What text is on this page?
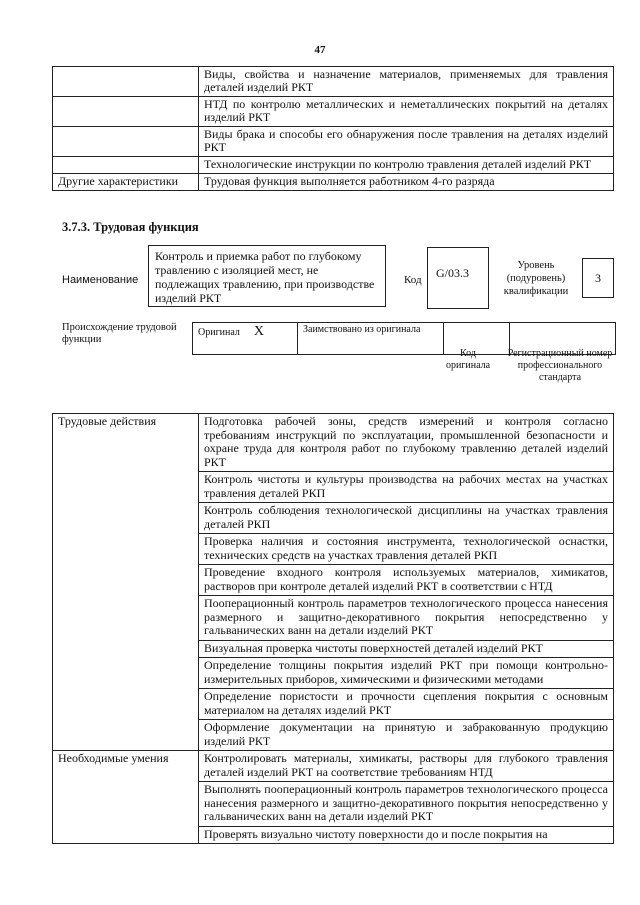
47
	Виды, свойства и назначение материалов, применяемых для травления деталей изделий РКТ
	НТД по контролю металлических и неметаллических покрытий на деталях изделий РКТ
	Виды брака и способы его обнаружения после травления на деталях изделий РКТ
	Технологические инструкции по контролю травления деталей изделий РКТ
Другие характеристики	Трудовая функция выполняется работником 4-го разряда
3.7.3. Трудовая функция
Наименование
Контроль и приемка работ по глубокому травлению с изоляцией мест, не подлежащих травлению, при производстве изделий РКТ
Код	G/03.3
Уровень (подуровень) квалификации
3
Происхождение трудовой функции
Оригинал X	Заимствовано из оригинала		
Код оригинала
Регистрационный номер профессионального стандарта
Трудовые действия	Подготовка рабочей зоны, средств измерений и контроля согласно требованиям инструкций по эксплуатации, промышленной безопасности и охране труда для контроля работ по глубокому травлению деталей изделий РКТ
	Контроль чистоты и культуры производства на рабочих местах на участках травления деталей РКП
	Контроль соблюдения технологической дисциплины на участках травления деталей РКП
	Проверка наличия и состояния инструмента, технологической оснастки, технических средств на участках травления деталей РКП
	Проведение входного контроля используемых материалов, химикатов, растворов при контроле деталей изделий РКТ в соответствии с НТД
	Пооперационный контроль параметров технологического процесса нанесения размерного и защитно-декоративного покрытия непосредственно у гальванических ванн на детали изделий РКТ
	Визуальная проверка чистоты поверхностей деталей изделий РКТ
	Определение толщины покрытия изделий РКТ при помощи контрольно-измерительных приборов, химическими и физическими методами
	Определение пористости и прочности сцепления покрытия с основным материалом на деталях изделий РКТ
	Оформление документации на принятую и забракованную продукцию изделий РКТ
Необходимые умения	Контролировать материалы, химикаты, растворы для глубокого травления деталей изделий РКТ на соответствие требованиям НТД
	Выполнять пооперационный контроль параметров технологического процесса нанесения размерного и защитно-декоративного покрытия непосредственно у гальванических ванн на детали изделий РКТ
	Проверять визуально чистоту поверхности до и после покрытия на
